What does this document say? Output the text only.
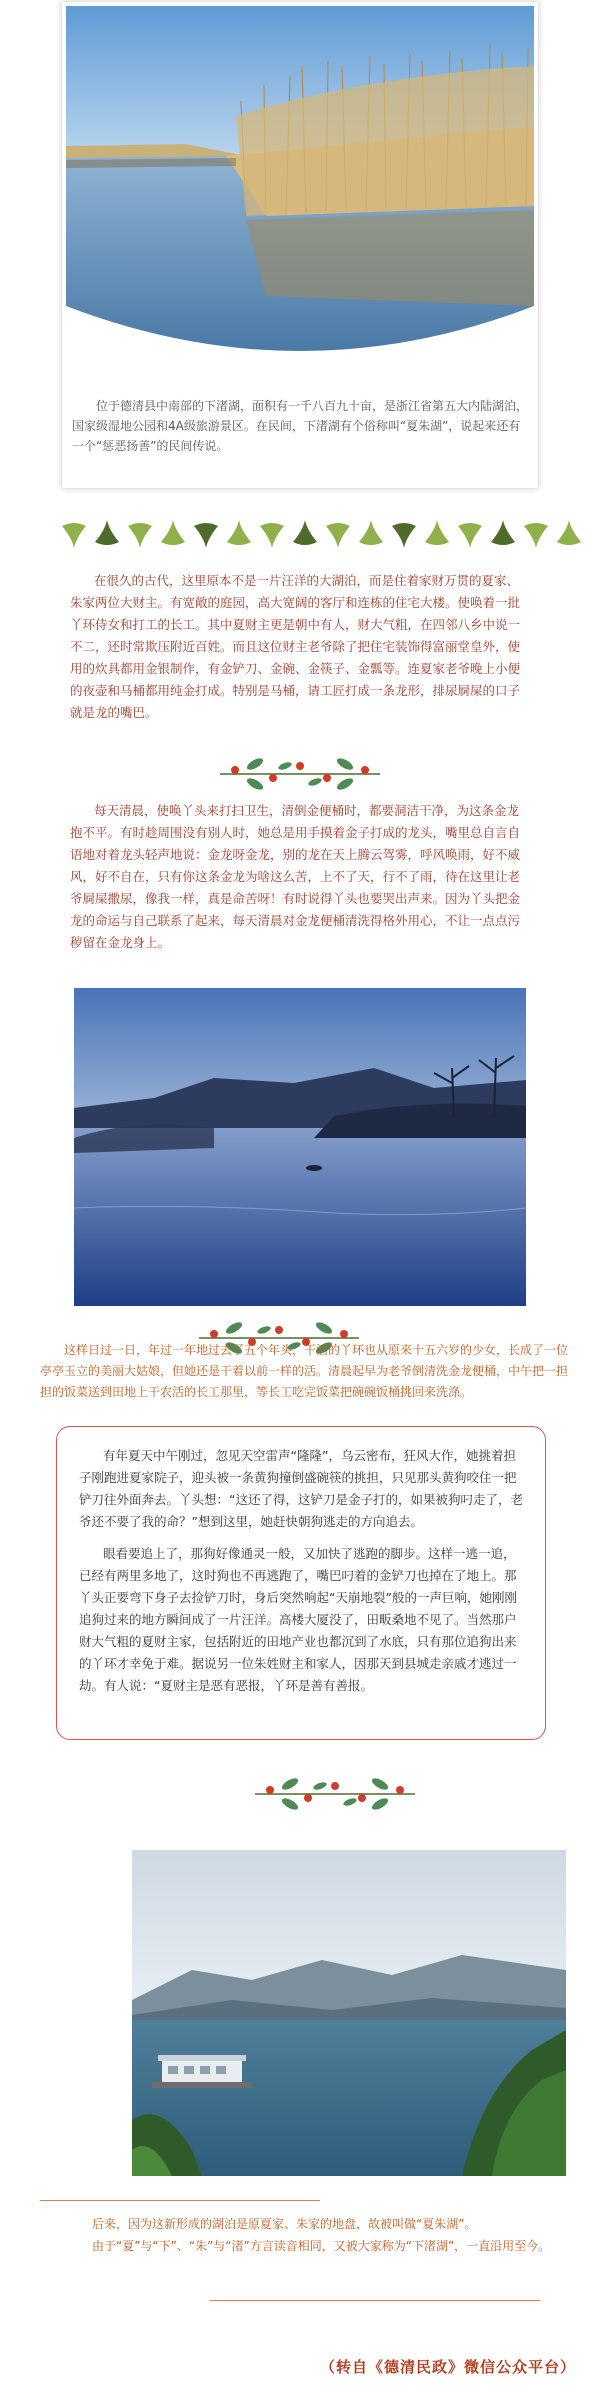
位于德清县中南部的下渚湖，面积有一千八百九十亩，是浙江省第五大内陆湖泊，国家级湿地公园和4A级旅游景区。在民间，下渚湖有个俗称叫“夏朱湖”，说起来还有一个“惩恶扬善”的民间传说。
在很久的古代，这里原本不是一片汪洋的大湖泊，而是住着家财万贯的夏家、朱家两位大财主。有宽敞的庭园，高大宽阔的客厅和连栋的住宅大楼。使唤着一批丫环侍女和打工的长工。其中夏财主更是朝中有人，财大气粗，在四邻八乡中说一不二，还时常欺压附近百姓。而且这位财主老爷除了把住宅装饰得富丽堂皇外，使用的炊具都用金银制作，有金铲刀、金碗、金筷子、金瓢等。连夏家老爷晚上小便的夜壶和马桶都用纯金打成。特别是马桶，请工匠打成一条龙形，排尿屙屎的口子就是龙的嘴巴。
每天清晨，使唤丫头来打扫卫生，清倒金便桶时，都要洞洁干净，为这条金龙抱不平。有时趁周围没有别人时，她总是用手摸着金子打成的龙头，嘴里总自言自语地对着龙头轻声地说：金龙呀金龙，别的龙在天上腾云驾雾，呼风唤雨，好不威风，好不自在，只有你这条金龙为啥这么苦，上不了天，行不了雨，待在这里让老爷屙屎撒尿，像我一样，真是命苦呀！有时说得丫头也要哭出声来。因为丫头把金龙的命运与自己联系了起来，每天清晨对金龙便桶清洗得格外用心，不让一点点污秽留在金龙身上。
这样日过一日，年过一年地过去了五个年头，干活的丫环也从原来十五六岁的少女，长成了一位亭亭玉立的美丽大姑娘，但她还是干着以前一样的活。清晨起早为老爷倒清洗金龙便桶，中午把一担担的饭菜送到田地上干农活的长工那里，等长工吃完饭菜把碗碗饭桶挑回来洗涤。

有年夏天中午刚过，忽见天空雷声“隆隆”，乌云密布，狂风大作，她挑着担子刚跑进夏家院子，迎头被一条黄狗撞倒盛碗筷的挑担，只见那头黄狗咬住一把铲刀往外面奔去。丫头想：“这还了得，这铲刀是金子打的，如果被狗叼走了，老爷还不要了我的命？”想到这里，她赶快朝狗逃走的方向追去。

眼看要追上了，那狗好像通灵一般，又加快了逃跑的脚步。这样一逃一追，已经有两里多地了，这时狗也不再逃跑了，嘴巴叼着的金铲刀也掉在了地上。那丫头正要弯下身子去捡铲刀时，身后突然响起“天崩地裂”般的一声巨响，她刚刚追狗过来的地方瞬间成了一片汪洋。高楼大厦没了，田畈桑地不见了。当然那户财大气粗的夏财主家，包括附近的田地产业也都沉到了水底，只有那位追狗出来的丫环才幸免于难。据说另一位朱姓财主和家人，因那天到县城走亲戚才逃过一劫。有人说：“夏财主是恶有恶报，丫环是善有善报。

后来，因为这新形成的湖泊是原夏家、朱家的地盘，故被叫做“夏朱湖”。
由于“夏”与“下”、“朱”与“渚”方言读音相同，又被大家称为“下渚湖”，一直沿用至今。
（转自《德清民政》微信公众平台）
